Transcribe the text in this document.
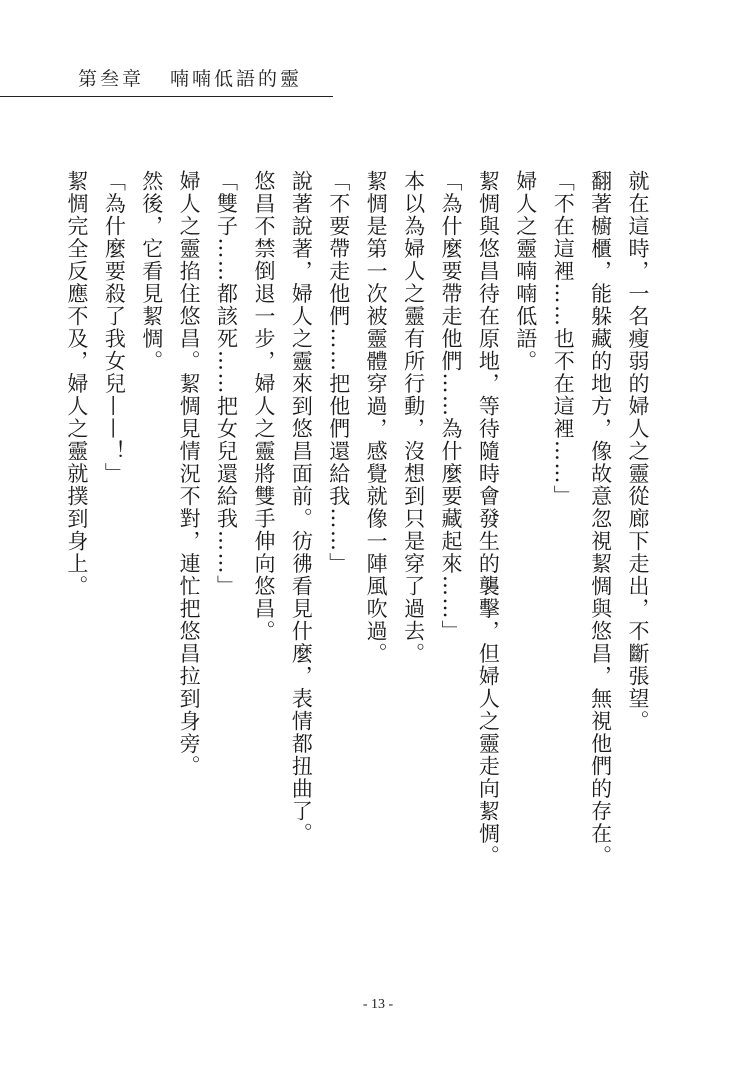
第叁章 喃喃低語的靈

就在這時，一名瘦弱的婦人之靈從廊下走出，不斷張望。

翻著櫥櫃，能躲藏的地方，像故意忽視絜惆與悠昌，無視他們的存在。

「不在這裡……也不在這裡……」

婦人之靈喃喃低語。

絜惆與悠昌待在原地，等待隨時會發生的襲擊，但婦人之靈走向絜惆。

「為什麼要帶走他們……為什麼要藏起來……」

本以為婦人之靈有所行動，沒想到只是穿了過去。

絜惆是第一次被靈體穿過，感覺就像一陣風吹過。

「不要帶走他們……把他們還給我……」

說著說著，婦人之靈來到悠昌面前。彷彿看見什麼，表情都扭曲了。

悠昌不禁倒退一步，婦人之靈將雙手伸向悠昌。

「雙子……都該死……把女兒還給我……」

婦人之靈掐住悠昌。絜惆見情況不對，連忙把悠昌拉到身旁。

然後，它看見絜惆。

「為什麼要殺了我女兒——！」

絜惆完全反應不及，婦人之靈就撲到身上。

- 13 -
